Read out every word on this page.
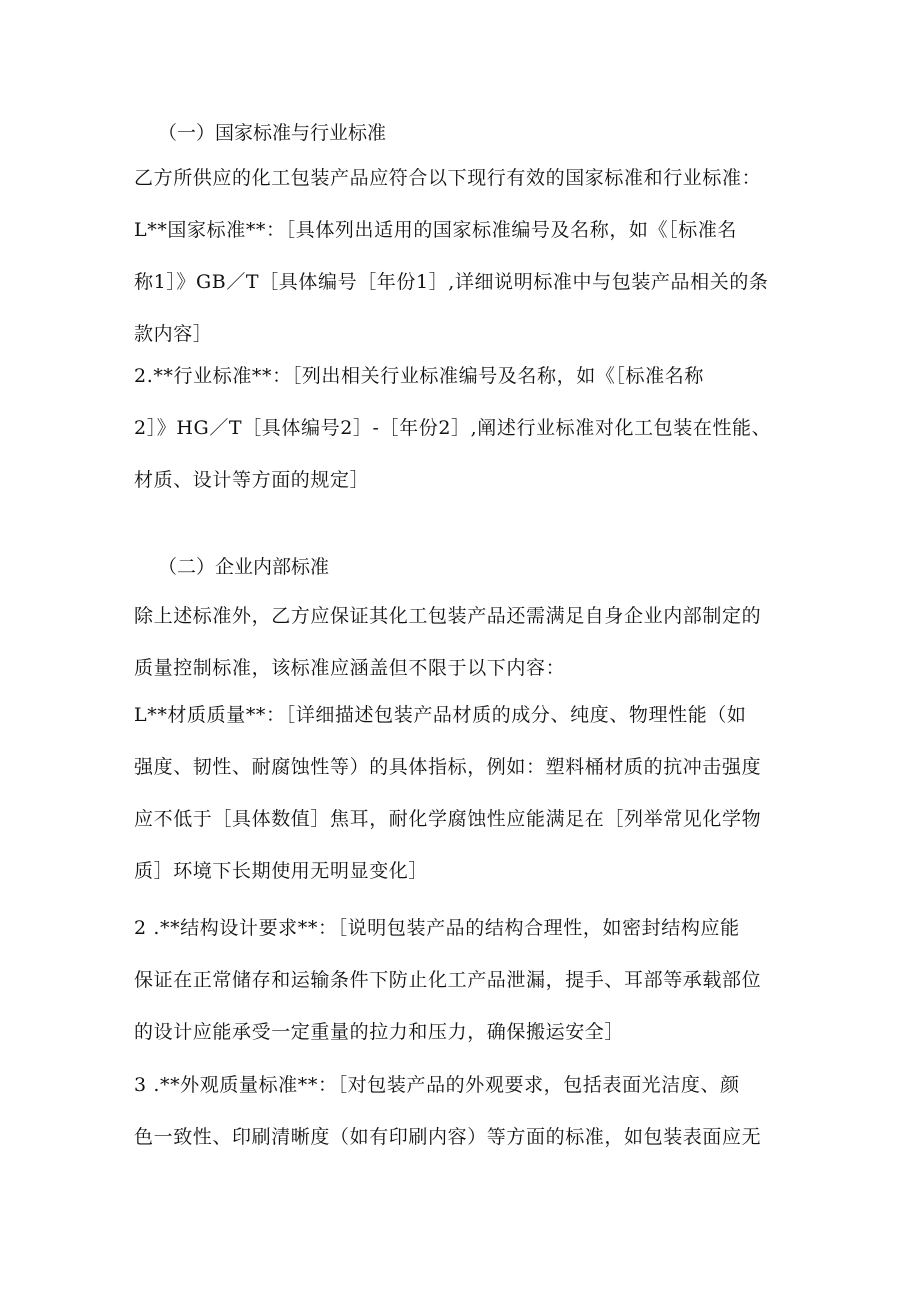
（一）国家标准与行业标准
乙方所供应的化工包装产品应符合以下现行有效的国家标准和行业标准：
L**国家标准**：［具体列出适用的国家标准编号及名称，如《［标准名
称1］》GB／T［具体编号［年份1］,详细说明标准中与包装产品相关的条
款内容］
2.**行业标准**：［列出相关行业标准编号及名称，如《［标准名称
2］》HG／T［具体编号2］-［年份2］,阐述行业标准对化工包装在性能、
材质、设计等方面的规定］
（二）企业内部标准
除上述标准外，乙方应保证其化工包装产品还需满足自身企业内部制定的
质量控制标准，该标准应涵盖但不限于以下内容：
L**材质质量**：［详细描述包装产品材质的成分、纯度、物理性能（如
强度、韧性、耐腐蚀性等）的具体指标，例如：塑料桶材质的抗冲击强度
应不低于［具体数值］焦耳，耐化学腐蚀性应能满足在［列举常见化学物
质］环境下长期使用无明显变化］
2 .**结构设计要求**：［说明包装产品的结构合理性，如密封结构应能
保证在正常储存和运输条件下防止化工产品泄漏，提手、耳部等承载部位
的设计应能承受一定重量的拉力和压力，确保搬运安全］
3 .**外观质量标准**：［对包装产品的外观要求，包括表面光洁度、颜
色一致性、印刷清晰度（如有印刷内容）等方面的标准，如包装表面应无
